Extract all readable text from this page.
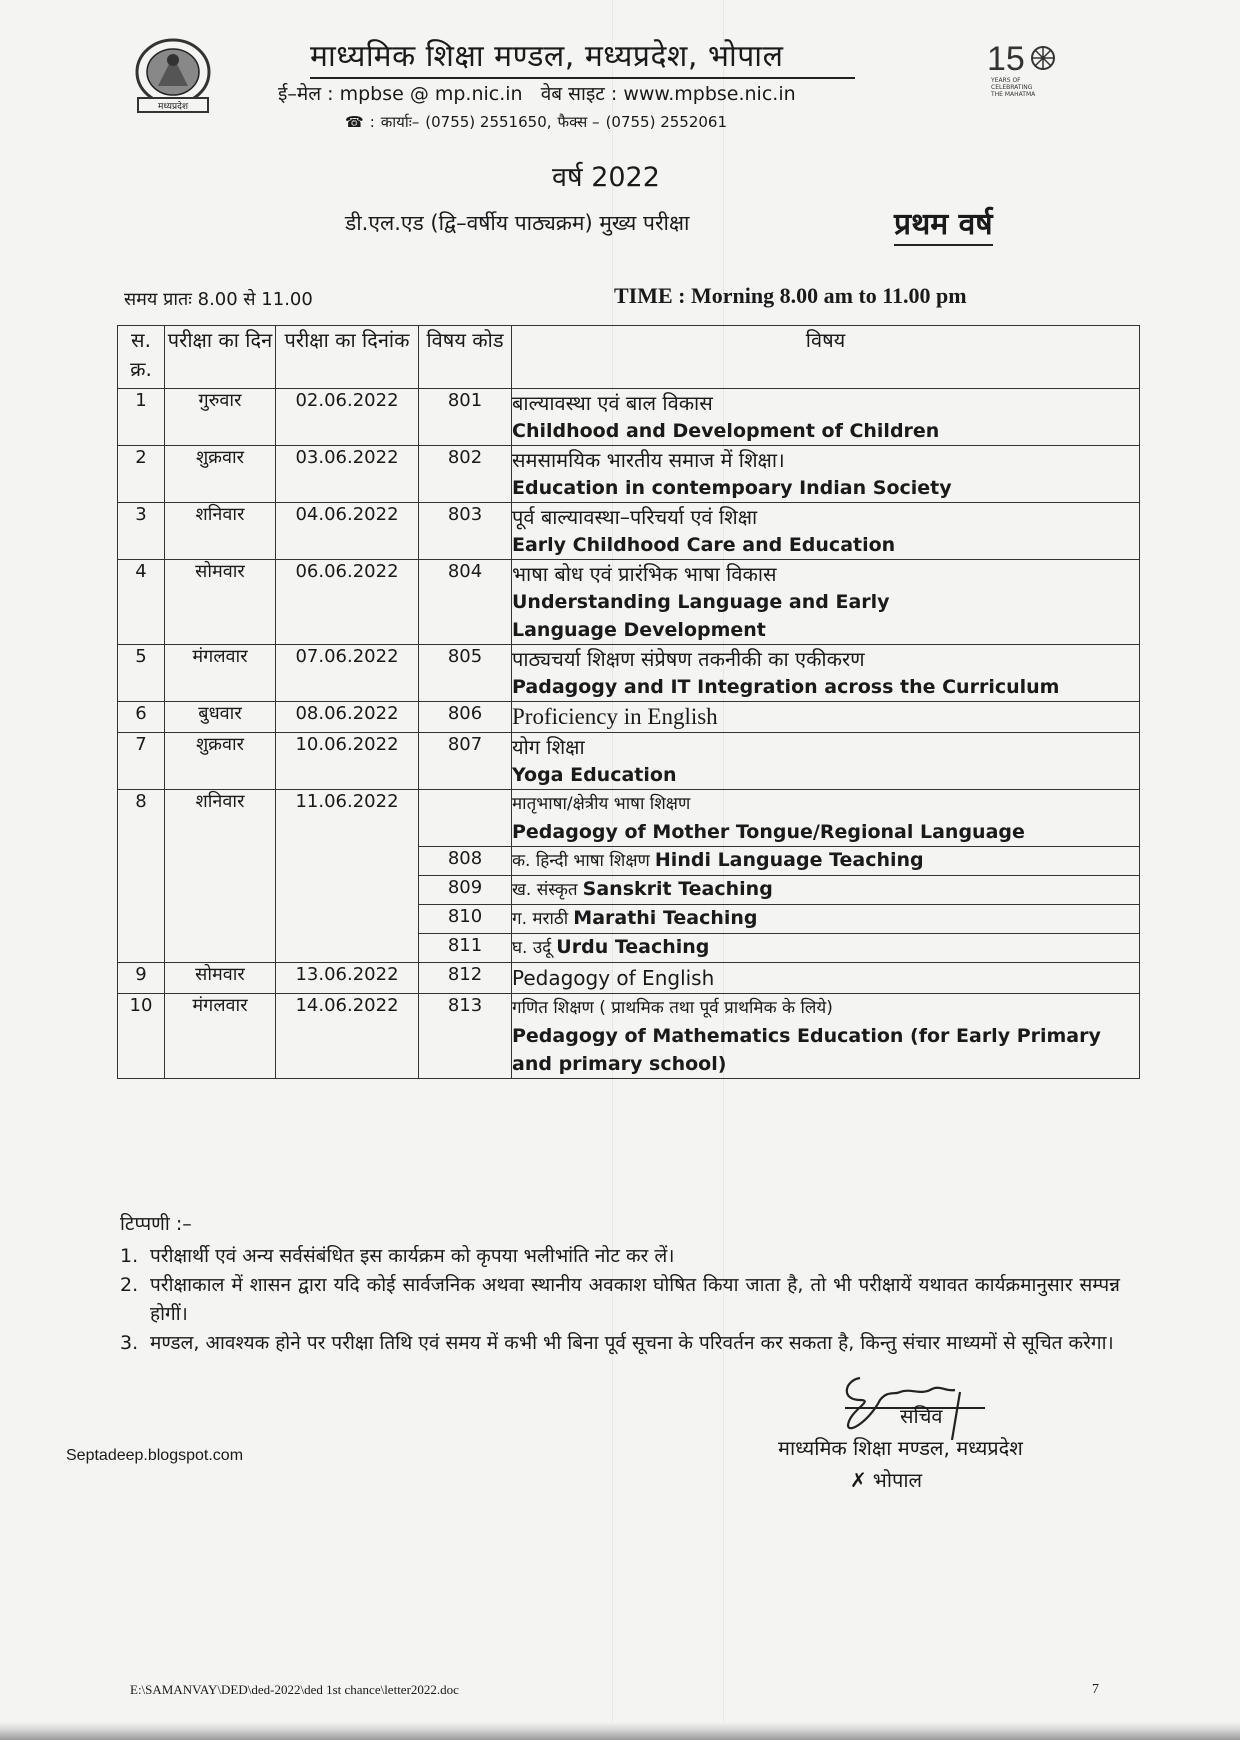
मध्यप्रदेश
15
YEARS OF
CELEBRATING
THE MAHATMA
माध्यमिक शिक्षा मण्डल, मध्यप्रदेश, भोपाल
ई–मेल : mpbse @ mp.nic.in वेब साइट : www.mpbse.nic.in
☎ : कार्याः– (0755) 2551650, फैक्स – (0755) 2552061
वर्ष 2022
डी.एल.एड (द्वि–वर्षीय पाठ्यक्रम) मुख्य परीक्षा	प्रथम वर्ष
समय प्रातः 8.00 से 11.00	TIME : Morning 8.00 am to 11.00 pm
स. क्र.	परीक्षा का दिन	परीक्षा का दिनांक	विषय कोड	विषय
1	गुरुवार	02.06.2022	801	बाल्यावस्था एवं बाल विकास
Childhood and Development of Children

2	शुक्रवार	03.06.2022	802	समसामयिक भारतीय समाज में शिक्षा।
Education in contempoary Indian Society

3	शनिवार	04.06.2022	803	पूर्व बाल्यावस्था–परिचर्या एवं शिक्षा
Early Childhood Care and Education

4	सोमवार	06.06.2022	804	भाषा बोध एवं प्रारंभिक भाषा विकास
Understanding Language and Early Language Development

5	मंगलवार	07.06.2022	805	पाठ्यचर्या शिक्षण संप्रेषण तकनीकी का एकीकरण
Padagogy and IT Integration across the Curriculum

6	बुधवार	08.06.2022	806	Proficiency in English

7	शुक्रवार	10.06.2022	807	योग शिक्षा
Yoga Education

8	शनिवार	11.06.2022		मातृभाषा/क्षेत्रीय भाषा शिक्षण
Pedagogy of Mother Tongue/Regional Language

			808	क. हिन्दी भाषा शिक्षण Hindi Language Teaching
			809	ख. संस्कृत Sanskrit Teaching
			810	ग. मराठी Marathi Teaching
			811	घ. उर्दू Urdu Teaching
9	सोमवार	13.06.2022	812	Pedagogy of English

10	मंगलवार	14.06.2022	813	गणित शिक्षण ( प्राथमिक तथा पूर्व प्राथमिक के लिये)
Pedagogy of Mathematics Education (for Early Primary and primary school)
टिप्पणी :–
1. परीक्षार्थी एवं अन्य सर्वसंबंधित इस कार्यक्रम को कृपया भलीभांति नोट कर लें।
2. परीक्षाकाल में शासन द्वारा यदि कोई सार्वजनिक अथवा स्थानीय अवकाश घोषित किया जाता है, तो भी परीक्षायें यथावत कार्यक्रमानुसार सम्पन्न होगीं।
3. मण्डल, आवश्यक होने पर परीक्षा तिथि एवं समय में कभी भी बिना पूर्व सूचना के परिवर्तन कर सकता है, किन्तु संचार माध्यमों से सूचित करेगा।
सचिव
माध्यमिक शिक्षा मण्डल, मध्यप्रदेश
✗ भोपाल
Septadeep.blogspot.com
E:\SAMANVAY\DED\ded-2022\ded 1st chance\letter2022.doc	7
